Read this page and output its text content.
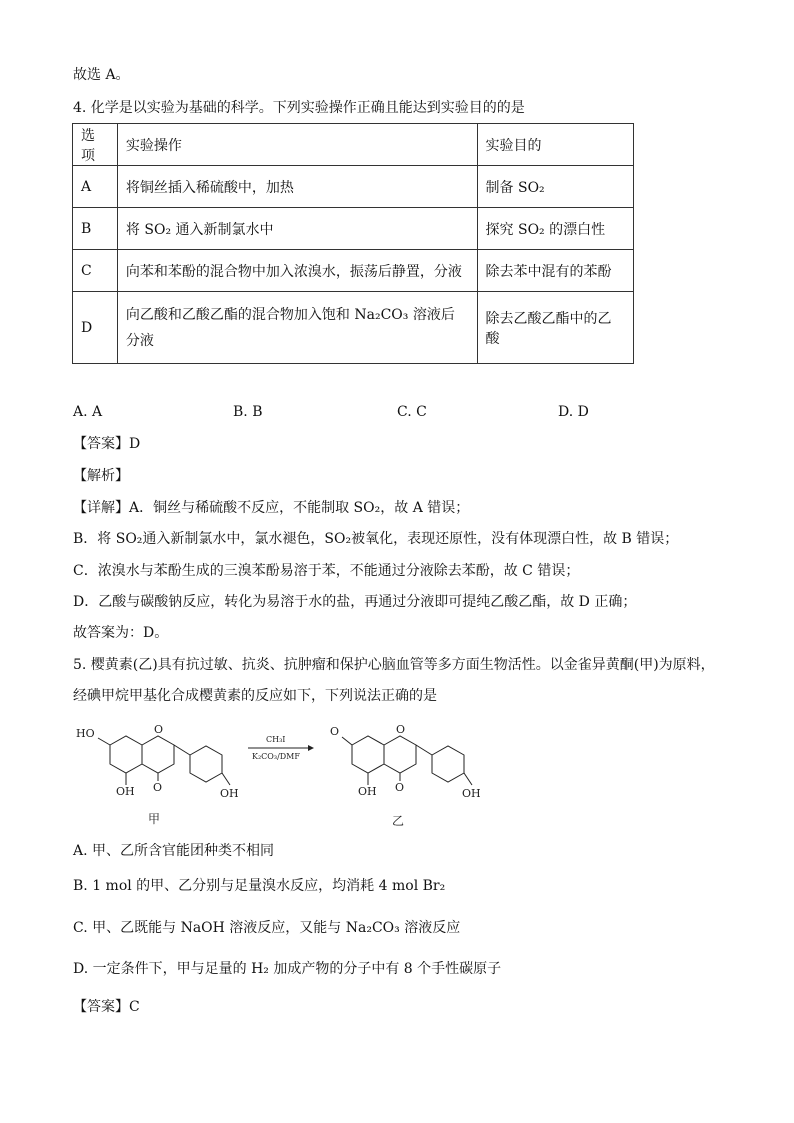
故选 A。
4. 化学是以实验为基础的科学。下列实验操作正确且能达到实验目的的是
选项	实验操作	实验目的
A	将铜丝插入稀硫酸中，加热	制备 SO₂
B	将 SO₂ 通入新制氯水中	探究 SO₂ 的漂白性
C	向苯和苯酚的混合物中加入浓溴水，振荡后静置，分液	除去苯中混有的苯酚
D	向乙酸和乙酸乙酯的混合物加入饱和 Na₂CO₃ 溶液后分液	除去乙酸乙酯中的乙酸
A. A	B. B	C. C	D. D
【答案】D
【解析】
【详解】A．铜丝与稀硫酸不反应，不能制取 SO₂，故 A 错误；
B．将 SO₂通入新制氯水中，氯水褪色，SO₂被氧化，表现还原性，没有体现漂白性，故 B 错误；
C．浓溴水与苯酚生成的三溴苯酚易溶于苯，不能通过分液除去苯酚，故 C 错误；
D．乙酸与碳酸钠反应，转化为易溶于水的盐，再通过分液即可提纯乙酸乙酯，故 D 正确；
故答案为：D。
5. 樱黄素(乙)具有抗过敏、抗炎、抗肿瘤和保护心脑血管等多方面生物活性。以金雀异黄酮(甲)为原料，
经碘甲烷甲基化合成樱黄素的反应如下，下列说法正确的是
HO	O
O
OH	OH
CH₃I
K₂CO₃/DMF
O	O
O
OH	OH
甲	乙
A. 甲、乙所含官能团种类不相同
B. 1 mol 的甲、乙分别与足量溴水反应，均消耗 4 mol Br₂
C. 甲、乙既能与 NaOH 溶液反应，又能与 Na₂CO₃ 溶液反应
D. 一定条件下，甲与足量的 H₂ 加成产物的分子中有 8 个手性碳原子
【答案】C
